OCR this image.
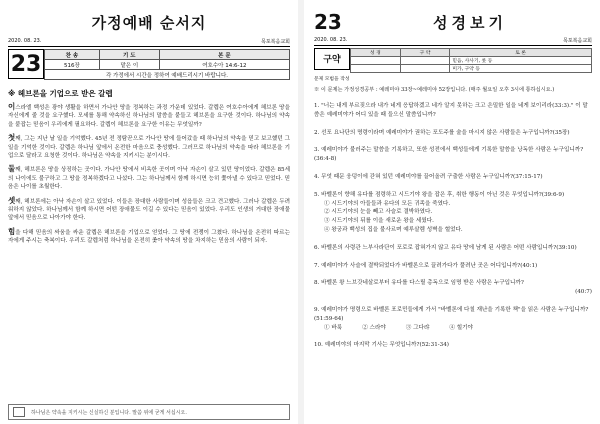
가정예배 순서지
2020. 08. 23.	목포복음교회
23	찬 송	기 도	본 문
516장	맡은 이	여호수아 14:6-12
각 가정에서 시간을 정하여 예배드리시기 바랍니다.		
※ 헤브론을 기업으로 받은 갈렙

이스라엘 백성은 광야 생활을 하면서 가나안 땅을 정복하는 과정 가운데 있었다. 갈렙은 여호수아에게 헤브론 땅을 자신에게 줄 것을 요구했다. 모세를 통해 약속하신 하나님의 말씀을 붙들고 헤브론을 요구한 것이다. 하나님의 약속을 붙잡는 믿음이 우리에게 필요하다. 갈렙이 헤브론을 요구한 이유는 무엇일까?

첫째, 그는 지난 날 일을 기억했다. 45년 전 정탐꾼으로 가나안 땅에 들어갔을 때 하나님의 약속을 믿고 보고했던 그 일을 기억한 것이다. 갈렙은 하나님 앞에서 온전한 마음으로 충성했다. 그러므로 하나님의 약속을 따라 헤브론을 기업으로 달라고 요청한 것이다. 하나님은 약속을 지키시는 분이시다.

둘째, 헤브론은 땅을 상징하는 곳이다. 가나안 땅에서 비옥한 곳이며 아낙 자손이 살고 있던 땅이었다. 갈렙은 85세의 나이에도 불구하고 그 땅을 정복하겠다고 나섰다. 그는 하나님께서 함께 하시면 능히 쫓아낼 수 있다고 믿었다. 믿음은 나이를 초월한다.

셋째, 헤브론에는 아낙 자손이 살고 있었다. 이들은 장대한 사람들이며 성읍들은 크고 견고했다. 그러나 갈렙은 두려워하지 않았다. 하나님께서 함께 하시면 어떤 장애물도 이길 수 있다는 믿음이 있었다. 우리도 인생의 거대한 장애물 앞에서 믿음으로 나아가야 한다.

힘을 다해 믿음의 싸움을 싸운 갈렙은 헤브론을 기업으로 얻었다. 그 땅에 전쟁이 그쳤다. 하나님을 온전히 따르는 자에게 주시는 축복이다. 우리도 갈렙처럼 하나님을 온전히 좇아 약속의 땅을 차지하는 믿음의 사람이 되자.

하나님은 약속을 지키시는 신실하신 분입니다. 말씀 위에 굳게 서십시오.
23	성경보기
2020. 08. 23.	목포복음교회
구약
성 경	구 약	토 론
		믿음, 사사기, 룻 등
		미가, 구약 등
문제 모범을 작성
※ 이 문제는 가정성경공부 : 예레미야 33장~예레미야 52장입니다. (매주 월요일 오후 3시에 통하십시요.)
1. "너는 내게 부르짖으라 내가 네게 응답하겠고 네가 알지 못하는 크고 은밀한 일을 네게 보이리라(33:3)." 이 말씀은 예레미야가 어디 있을 때 들으신 말씀입니까?
2. 선포 요나단의 명령이라며 예레미야가 권하는 포도주를 술을 마시지 않은 사람들은 누구입니까?(35장)
3. 예레미야가 불러주는 말씀을 기록하고, 또한 성전에서 백성들에게 기록한 말씀을 낭독한 사람은 누구입니까?(36:4-8)
4. 무엇 때문 웅덩이에 갇혀 있던 예레미야를 끌어올려 구출한 사람은 누구입니까?(37:15-17)
5. 바벨론이 향해 유다를 점령하고 시드기야 왕을 잡은 후, 취한 행동이 아닌 것은 무엇입니까?(39:6-9)
① 시드기야의 아들들과 유다의 모든 귀족을 죽였다.
② 시드기야의 눈을 빼고 사슬로 결박하였다.
③ 시드기야의 뒤를 이을 새로운 왕을 세웠다.
④ 왕궁과 백성의 집을 불사르며 예루살렘 성벽을 헐었다.
6. 바벨론의 사령관 느부사라단이 포로로 잡혀가지 않고 유다 땅에 남게 된 사람은 어떤 사람입니까?(39:10)
7. 예레미야가 사슬에 결박되었다가 바벨론으로 끌려가다가 풀려난 곳은 어디입니까?(40:1)
8. 바벨론 왕 느브갓네살로부터 유다를 다스릴 총독으로 임명 받은 사람은 누구입니까?
(40:7)
9. 예레미야가 명령으로 바벨론 포로민들에게 가서 "바벨론에 다칠 재난을 기록한 책"을 읽은 사람은 누구입니까?(51:59-64)
① 바룩	② 스라야	③ 그다랴	④ 힐기야
10. 예레미야의 마지막 기사는 무엇입니까?(52:31-34)
